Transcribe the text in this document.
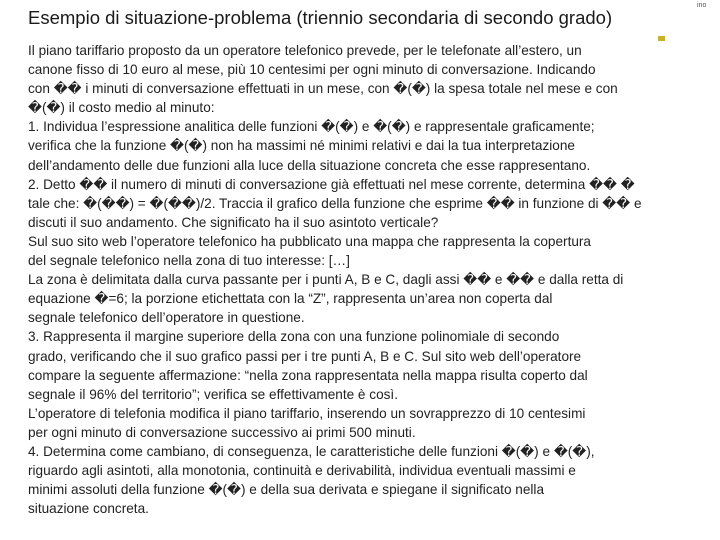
Esempio di situazione-problema (triennio secondaria di secondo grado)
ino
Il piano tariffario proposto da un operatore telefonico prevede, per le telefonate all’estero, un
canone fisso di 10 euro al mese, più 10 centesimi per ogni minuto di conversazione. Indicando
con �� i minuti di conversazione effettuati in un mese, con �(�) la spesa totale nel mese e con
�(�) il costo medio al minuto:
1. Individua l’espressione analitica delle funzioni �(�) e �(�) e rappresentale graficamente;
verifica che la funzione �(�) non ha massimi né minimi relativi e dai la tua interpretazione
dell’andamento delle due funzioni alla luce della situazione concreta che esse rappresentano.
2. Detto �� il numero di minuti di conversazione già effettuati nel mese corrente, determina �� �
tale che: �(��) = �(��)/2. Traccia il grafico della funzione che esprime �� in funzione di �� e
discuti il suo andamento. Che significato ha il suo asintoto verticale?
Sul suo sito web l’operatore telefonico ha pubblicato una mappa che rappresenta la copertura
del segnale telefonico nella zona di tuo interesse: […]
La zona è delimitata dalla curva passante per i punti A, B e C, dagli assi �� e �� e dalla retta di
equazione �=6; la porzione etichettata con la “Z”, rappresenta un’area non coperta dal
segnale telefonico dell’operatore in questione.
3. Rappresenta il margine superiore della zona con una funzione polinomiale di secondo
grado, verificando che il suo grafico passi per i tre punti A, B e C. Sul sito web dell’operatore
compare la seguente affermazione: “nella zona rappresentata nella mappa risulta coperto dal
segnale il 96% del territorio”; verifica se effettivamente è così.
L’operatore di telefonia modifica il piano tariffario, inserendo un sovrapprezzo di 10 centesimi
per ogni minuto di conversazione successivo ai primi 500 minuti.
4. Determina come cambiano, di conseguenza, le caratteristiche delle funzioni �(�) e �(�),
riguardo agli asintoti, alla monotonia, continuità e derivabilità, individua eventuali massimi e
minimi assoluti della funzione �(�) e della sua derivata e spiegane il significato nella
situazione concreta.
